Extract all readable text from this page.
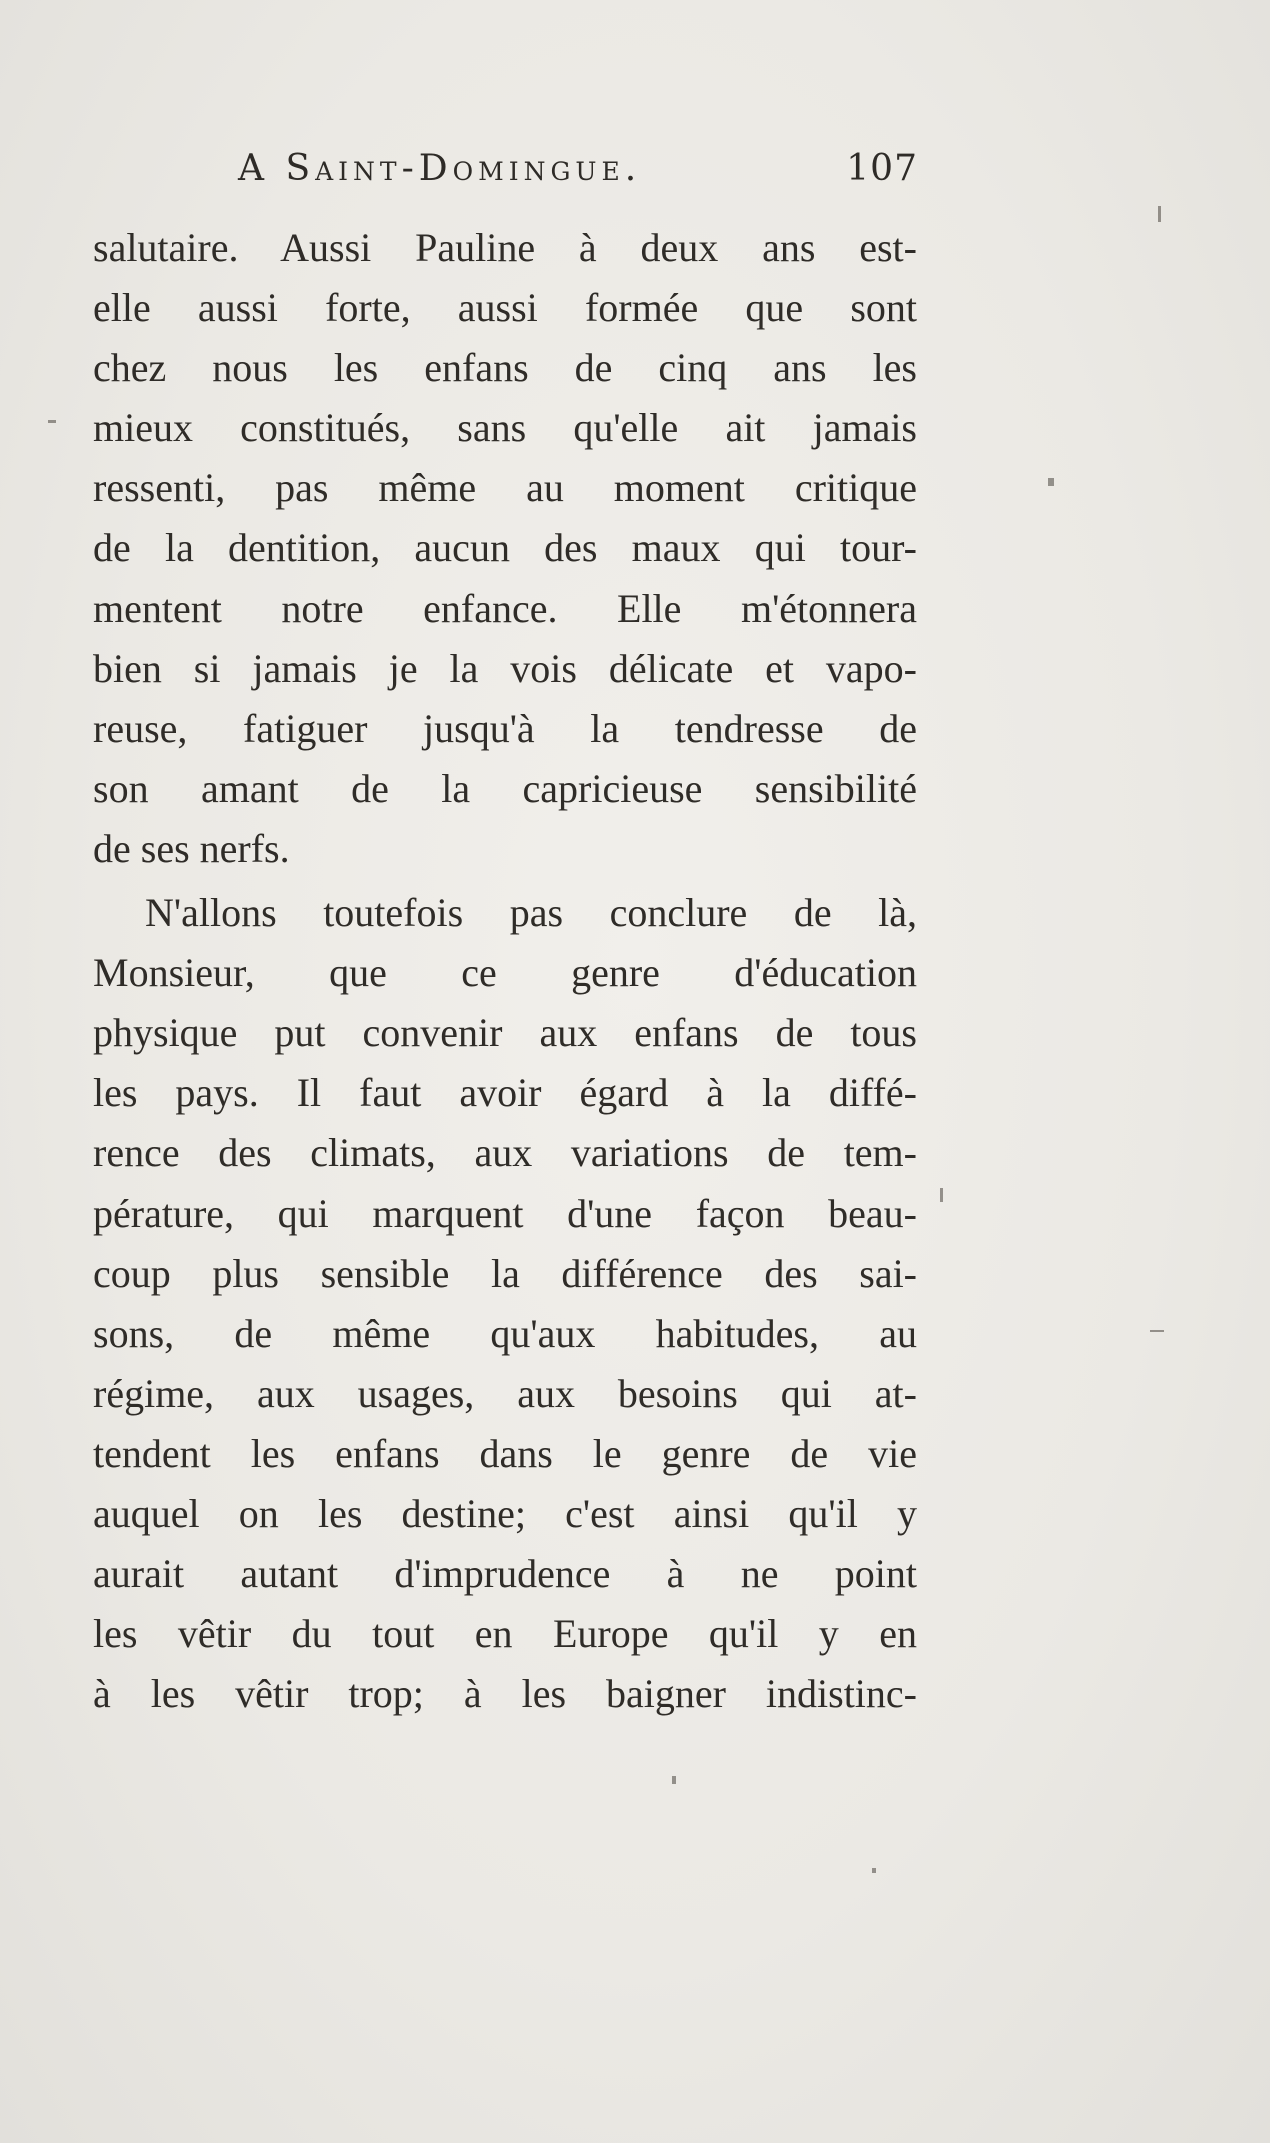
A Saint-Domingue.	107
salutaire. Aussi Pauline à deux ans est-
elle aussi forte, aussi formée que sont
chez nous les enfans de cinq ans les
mieux constitués, sans qu'elle ait jamais
ressenti, pas même au moment critique
de la dentition, aucun des maux qui tour-
mentent notre enfance. Elle m'étonnera
bien si jamais je la vois délicate et vapo-
reuse, fatiguer jusqu'à la tendresse de
son amant de la capricieuse sensibilité
de ses nerfs.
N'allons toutefois pas conclure de là,
Monsieur, que ce genre d'éducation
physique put convenir aux enfans de tous
les pays. Il faut avoir égard à la diffé-
rence des climats, aux variations de tem-
pérature, qui marquent d'une façon beau-
coup plus sensible la différence des sai-
sons, de même qu'aux habitudes, au
régime, aux usages, aux besoins qui at-
tendent les enfans dans le genre de vie
auquel on les destine; c'est ainsi qu'il y
aurait autant d'imprudence à ne point
les vêtir du tout en Europe qu'il y en
à les vêtir trop; à les baigner indistinc-
